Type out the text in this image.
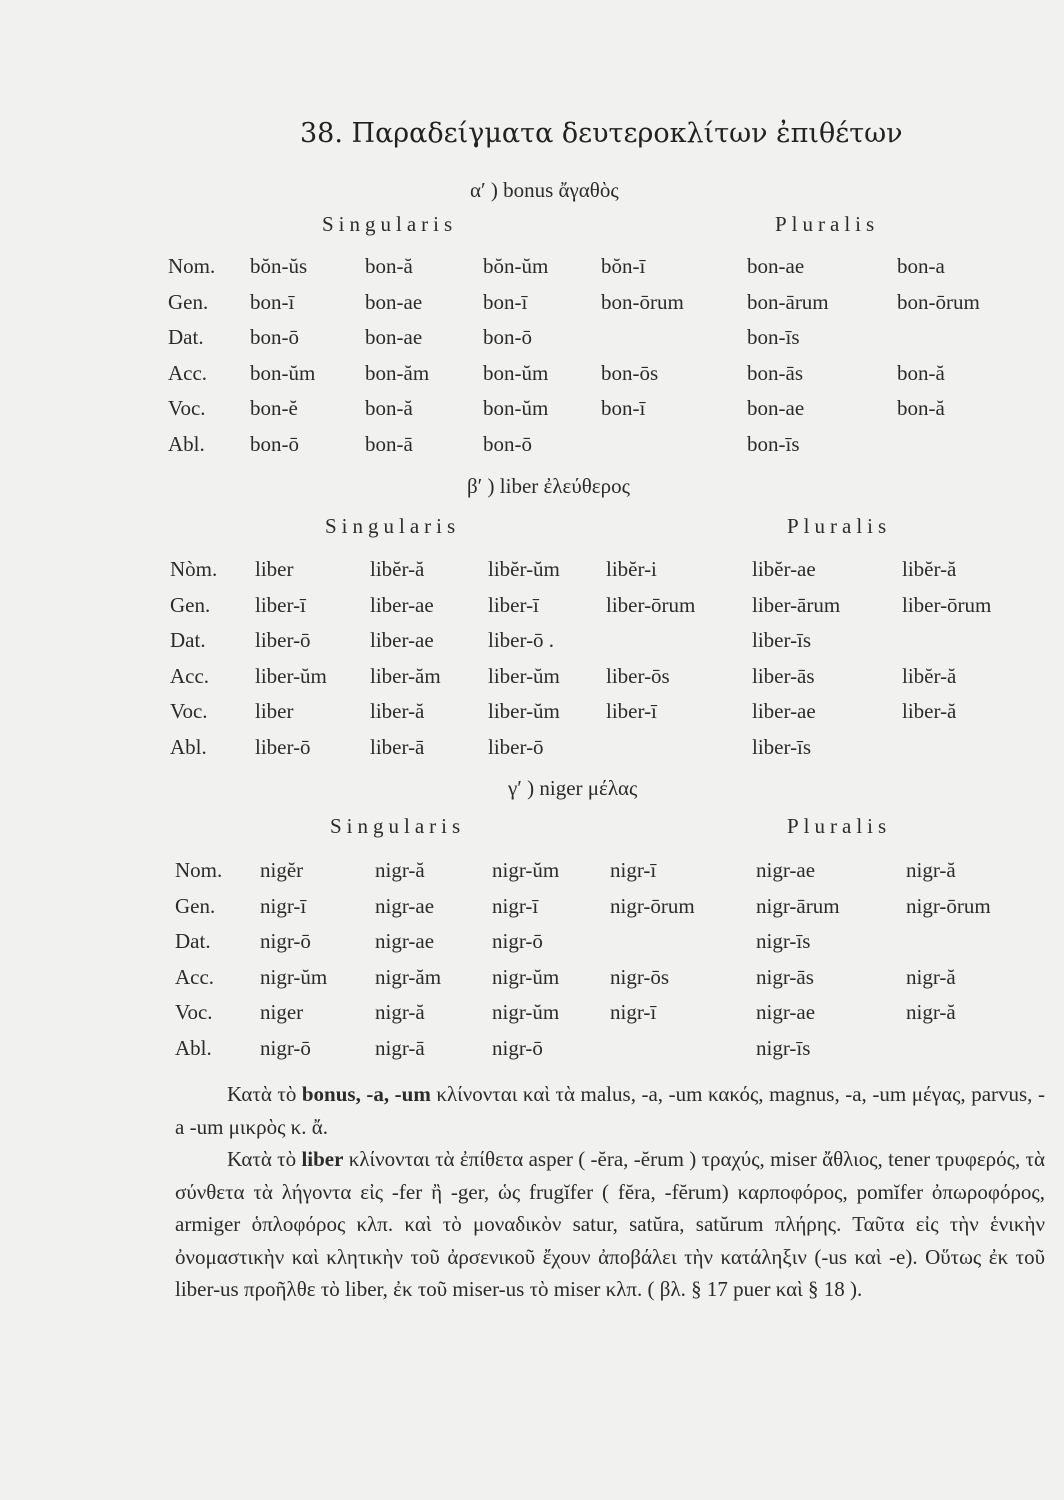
38. Παραδείγματα δευτεροκλίτων ἐπιθέτων
α′ ) bonus ἄγαθὸς
Singularis	Pluralis
Nom.	bŏn-ŭs	bon-ă	bŏn-ŭm	bŏn-ī	bon-ae	bon-a
Gen.	bon-ī	bon-ae	bon-ī	bon-ōrum	bon-ārum	bon-ōrum
Dat.	bon-ō	bon-ae	bon-ō		bon-īs	
Acc.	bon-ŭm	bon-ăm	bon-ŭm	bon-ōs	bon-ās	bon-ă
Voc.	bon-ĕ	bon-ă	bon-ŭm	bon-ī	bon-ae	bon-ă
Abl.	bon-ō	bon-ā	bon-ō		bon-īs	
β′ ) liber ἐλεύθερος
Singularis	Pluralis
Nòm.	liber	libĕr-ă	libĕr-ŭm	libĕr-i	libĕr-ae	libĕr-ă
Gen.	liber-ī	liber-ae	liber-ī	liber-ōrum	liber-ārum	liber-ōrum
Dat.	liber-ō	liber-ae	liber-ō .		liber-īs	
Acc.	liber-ŭm	liber-ăm	liber-ŭm	liber-ōs	liber-ās	libĕr-ă
Voc.	liber	liber-ă	liber-ŭm	liber-ī	liber-ae	liber-ă
Abl.	liber-ō	liber-ā	liber-ō		liber-īs	
γ′ ) niger μέλας
Singularis	Pluralis
Nom.	nigĕr	nigr-ă	nigr-ŭm	nigr-ī	nigr-ae	nigr-ă
Gen.	nigr-ī	nigr-ae	nigr-ī	nigr-ōrum	nigr-ārum	nigr-ōrum
Dat.	nigr-ō	nigr-ae	nigr-ō		nigr-īs	
Acc.	nigr-ŭm	nigr-ăm	nigr-ŭm	nigr-ōs	nigr-ās	nigr-ă
Voc.	niger	nigr-ă	nigr-ŭm	nigr-ī	nigr-ae	nigr-ă
Abl.	nigr-ō	nigr-ā	nigr-ō		nigr-īs	

Κατὰ τὸ bonus, -a, -um κλίνονται καὶ τὰ malus, -a, -um κακός, magnus, -a, -um μέγας, parvus, -a -um μικρὸς κ. ἄ.

Κατὰ τὸ liber κλίνονται τὰ ἐπίθετα asper ( -ĕra, -ĕrum ) τραχύς, miser ἄθλιος, tener τρυφερός, τὰ σύνθετα τὰ λήγοντα εἰς -fer ἢ -ger, ὡς frugĭfer ( fĕra, -fĕrum) καρποφόρος, pomĭfer ὀπωροφόρος, armiger ὁπλοφόρος κλπ. καὶ τὸ μοναδικὸν satur, satŭra, satŭrum πλήρης. Ταῦτα εἰς τὴν ἑνικὴν ὀνομαστικὴν καὶ κλητικὴν τοῦ ἀρσενικοῦ ἔχουν ἀποβάλει τὴν κατάληξιν (-us καὶ -e). Οὕτως ἐκ τοῦ liber-us προῆλθε τὸ liber, ἐκ τοῦ miser-us τὸ miser κλπ. ( βλ. § 17 puer καὶ § 18 ).
